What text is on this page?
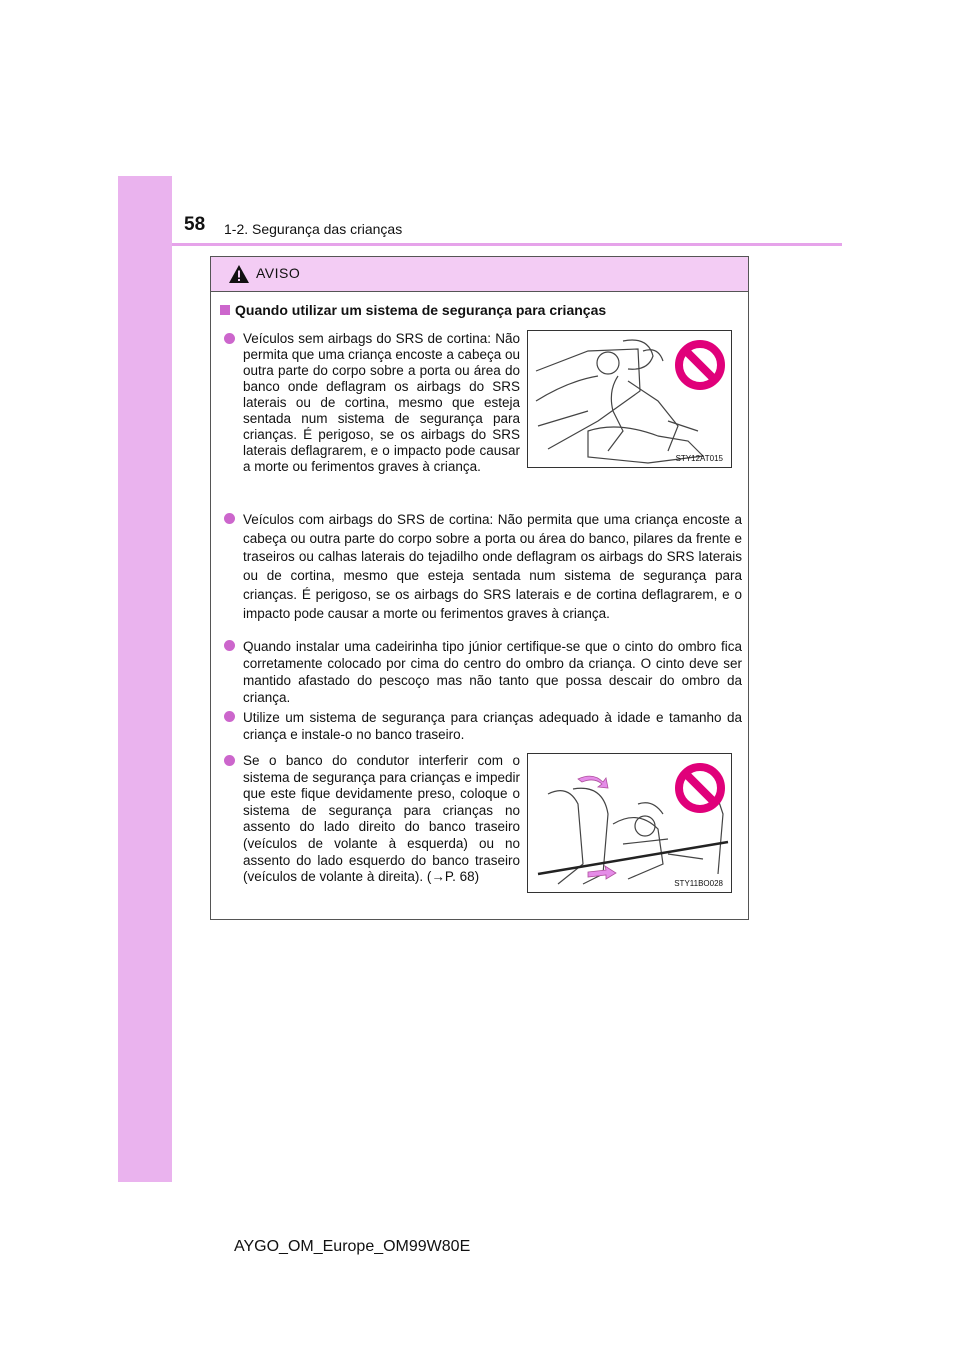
58 1-2. Segurança das crianças
AVISO
Quando utilizar um sistema de segurança para crianças
Veículos sem airbags do SRS de cortina: Não permita que uma criança encoste a cabeça ou outra parte do corpo sobre a porta ou área do banco onde deflagram os airbags do SRS laterais ou de cortina, mesmo que esteja sentada num sistema de segurança para crianças. É perigoso, se os airbags do SRS laterais deflagrarem, e o impacto pode causar a morte ou ferimentos graves à criança.
STY12AT015
Veículos com airbags do SRS de cortina: Não permita que uma criança encoste a cabeça ou outra parte do corpo sobre a porta ou área do banco, pilares da frente e traseiros ou calhas laterais do tejadilho onde deflagram os airbags do SRS laterais ou de cortina, mesmo que esteja sentada num sistema de segurança para crianças. É perigoso, se os airbags do SRS laterais e de cortina deflagrarem, e o impacto pode causar a morte ou ferimentos graves à criança.
Quando instalar uma cadeirinha tipo júnior certifique-se que o cinto do ombro fica corretamente colocado por cima do centro do ombro da criança. O cinto deve ser mantido afastado do pescoço mas não tanto que possa descair do ombro da criança.
Utilize um sistema de segurança para crianças adequado à idade e tamanho da criança e instale-o no banco traseiro.
Se o banco do condutor interferir com o sistema de segurança para crianças e impedir que este fique devidamente preso, coloque o sistema de segurança para crianças no assento do lado direito do banco traseiro (veículos de volante à esquerda) ou no assento do lado esquerdo do banco traseiro (veículos de volante à direita). (→P. 68)	STY11BO028
AYGO_OM_Europe_OM99W80E
